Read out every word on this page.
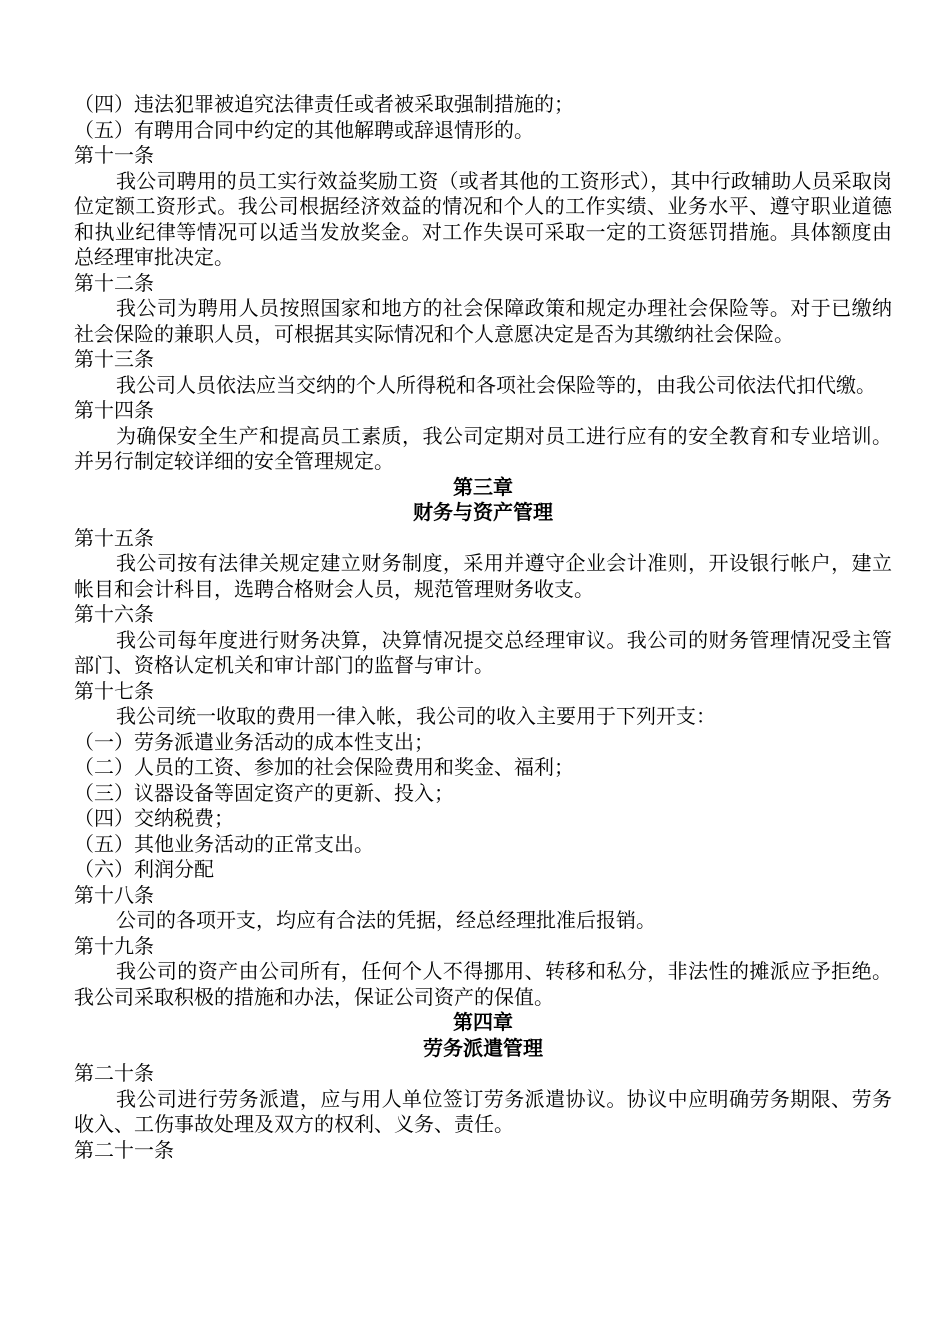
（四）违法犯罪被追究法律责任或者被采取强制措施的；
（五）有聘用合同中约定的其他解聘或辞退情形的。
第十一条
我公司聘用的员工实行效益奖励工资（或者其他的工资形式），其中行政辅助人员采取岗位定额工资形式。我公司根据经济效益的情况和个人的工作实绩、业务水平、遵守职业道德和执业纪律等情况可以适当发放奖金。对工作失误可采取一定的工资惩罚措施。具体额度由总经理审批决定。
第十二条
我公司为聘用人员按照国家和地方的社会保障政策和规定办理社会保险等。对于已缴纳社会保险的兼职人员，可根据其实际情况和个人意愿决定是否为其缴纳社会保险。
第十三条
我公司人员依法应当交纳的个人所得税和各项社会保险等的，由我公司依法代扣代缴。
第十四条
为确保安全生产和提高员工素质，我公司定期对员工进行应有的安全教育和专业培训。并另行制定较详细的安全管理规定。
第三章
财务与资产管理
第十五条
我公司按有法律关规定建立财务制度，采用并遵守企业会计准则，开设银行帐户，建立帐目和会计科目，选聘合格财会人员，规范管理财务收支。
第十六条
我公司每年度进行财务决算，决算情况提交总经理审议。我公司的财务管理情况受主管部门、资格认定机关和审计部门的监督与审计。
第十七条
我公司统一收取的费用一律入帐，我公司的收入主要用于下列开支：
（一）劳务派遣业务活动的成本性支出；
（二）人员的工资、参加的社会保险费用和奖金、福利；
（三）议器设备等固定资产的更新、投入；
（四）交纳税费；
（五）其他业务活动的正常支出。
（六）利润分配
第十八条
公司的各项开支，均应有合法的凭据，经总经理批准后报销。
第十九条
我公司的资产由公司所有，任何个人不得挪用、转移和私分，非法性的摊派应予拒绝。我公司采取积极的措施和办法，保证公司资产的保值。
第四章
劳务派遣管理
第二十条
我公司进行劳务派遣，应与用人单位签订劳务派遣协议。协议中应明确劳务期限、劳务收入、工伤事故处理及双方的权利、义务、责任。
第二十一条
